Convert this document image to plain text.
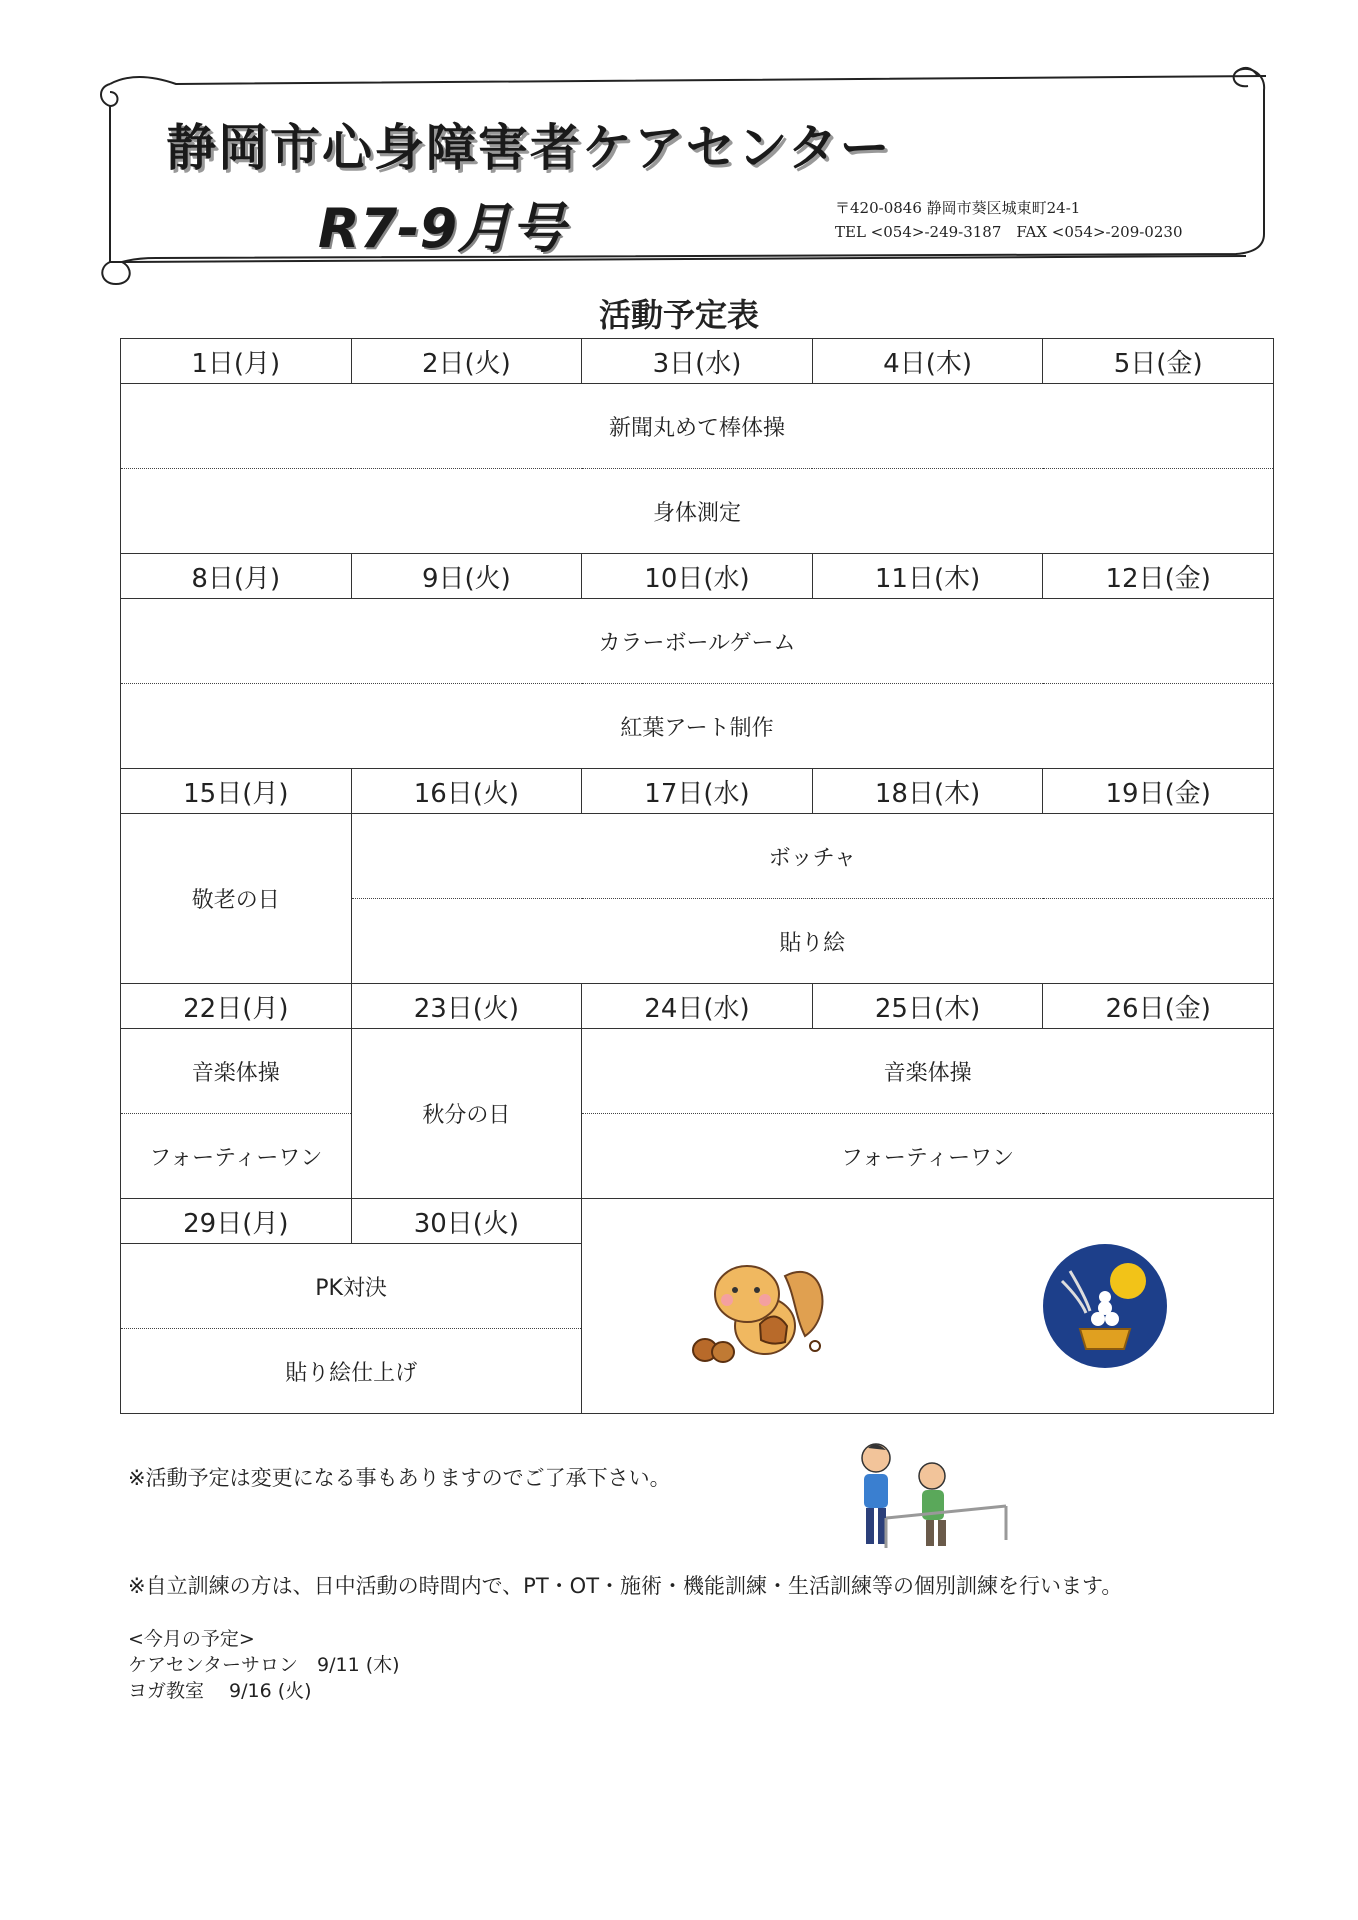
静岡市心身障害者ケアセンター
R7-9月号	〒420-0846 静岡市葵区城東町24-1
TEL <054>-249-3187　FAX <054>-209-0230
活動予定表
1日(月)	2日(火)	3日(水)	4日(木)	5日(金)
新聞丸めて棒体操				
身体測定				
8日(月)	9日(火)	10日(水)	11日(木)	12日(金)
カラーボールゲーム				
紅葉アート制作				
15日(月)	16日(火)	17日(水)	18日(木)	19日(金)
敬老の日	ボッチャ			
	貼り絵			
22日(月)	23日(火)	24日(水)	25日(木)	26日(金)
音楽体操	秋分の日	音楽体操		
フォーティーワン		フォーティーワン		
29日(月)	30日(火)	

PK対決				
貼り絵仕上げ				
※活動予定は変更になる事もありますのでご了承下さい。
※自立訓練の方は、日中活動の時間内で、PT・OT・施術・機能訓練・生活訓練等の個別訓練を行います。
<今月の予定>
ケアセンターサロン　9/11 (木)
ヨガ教室　 9/16 (火)
